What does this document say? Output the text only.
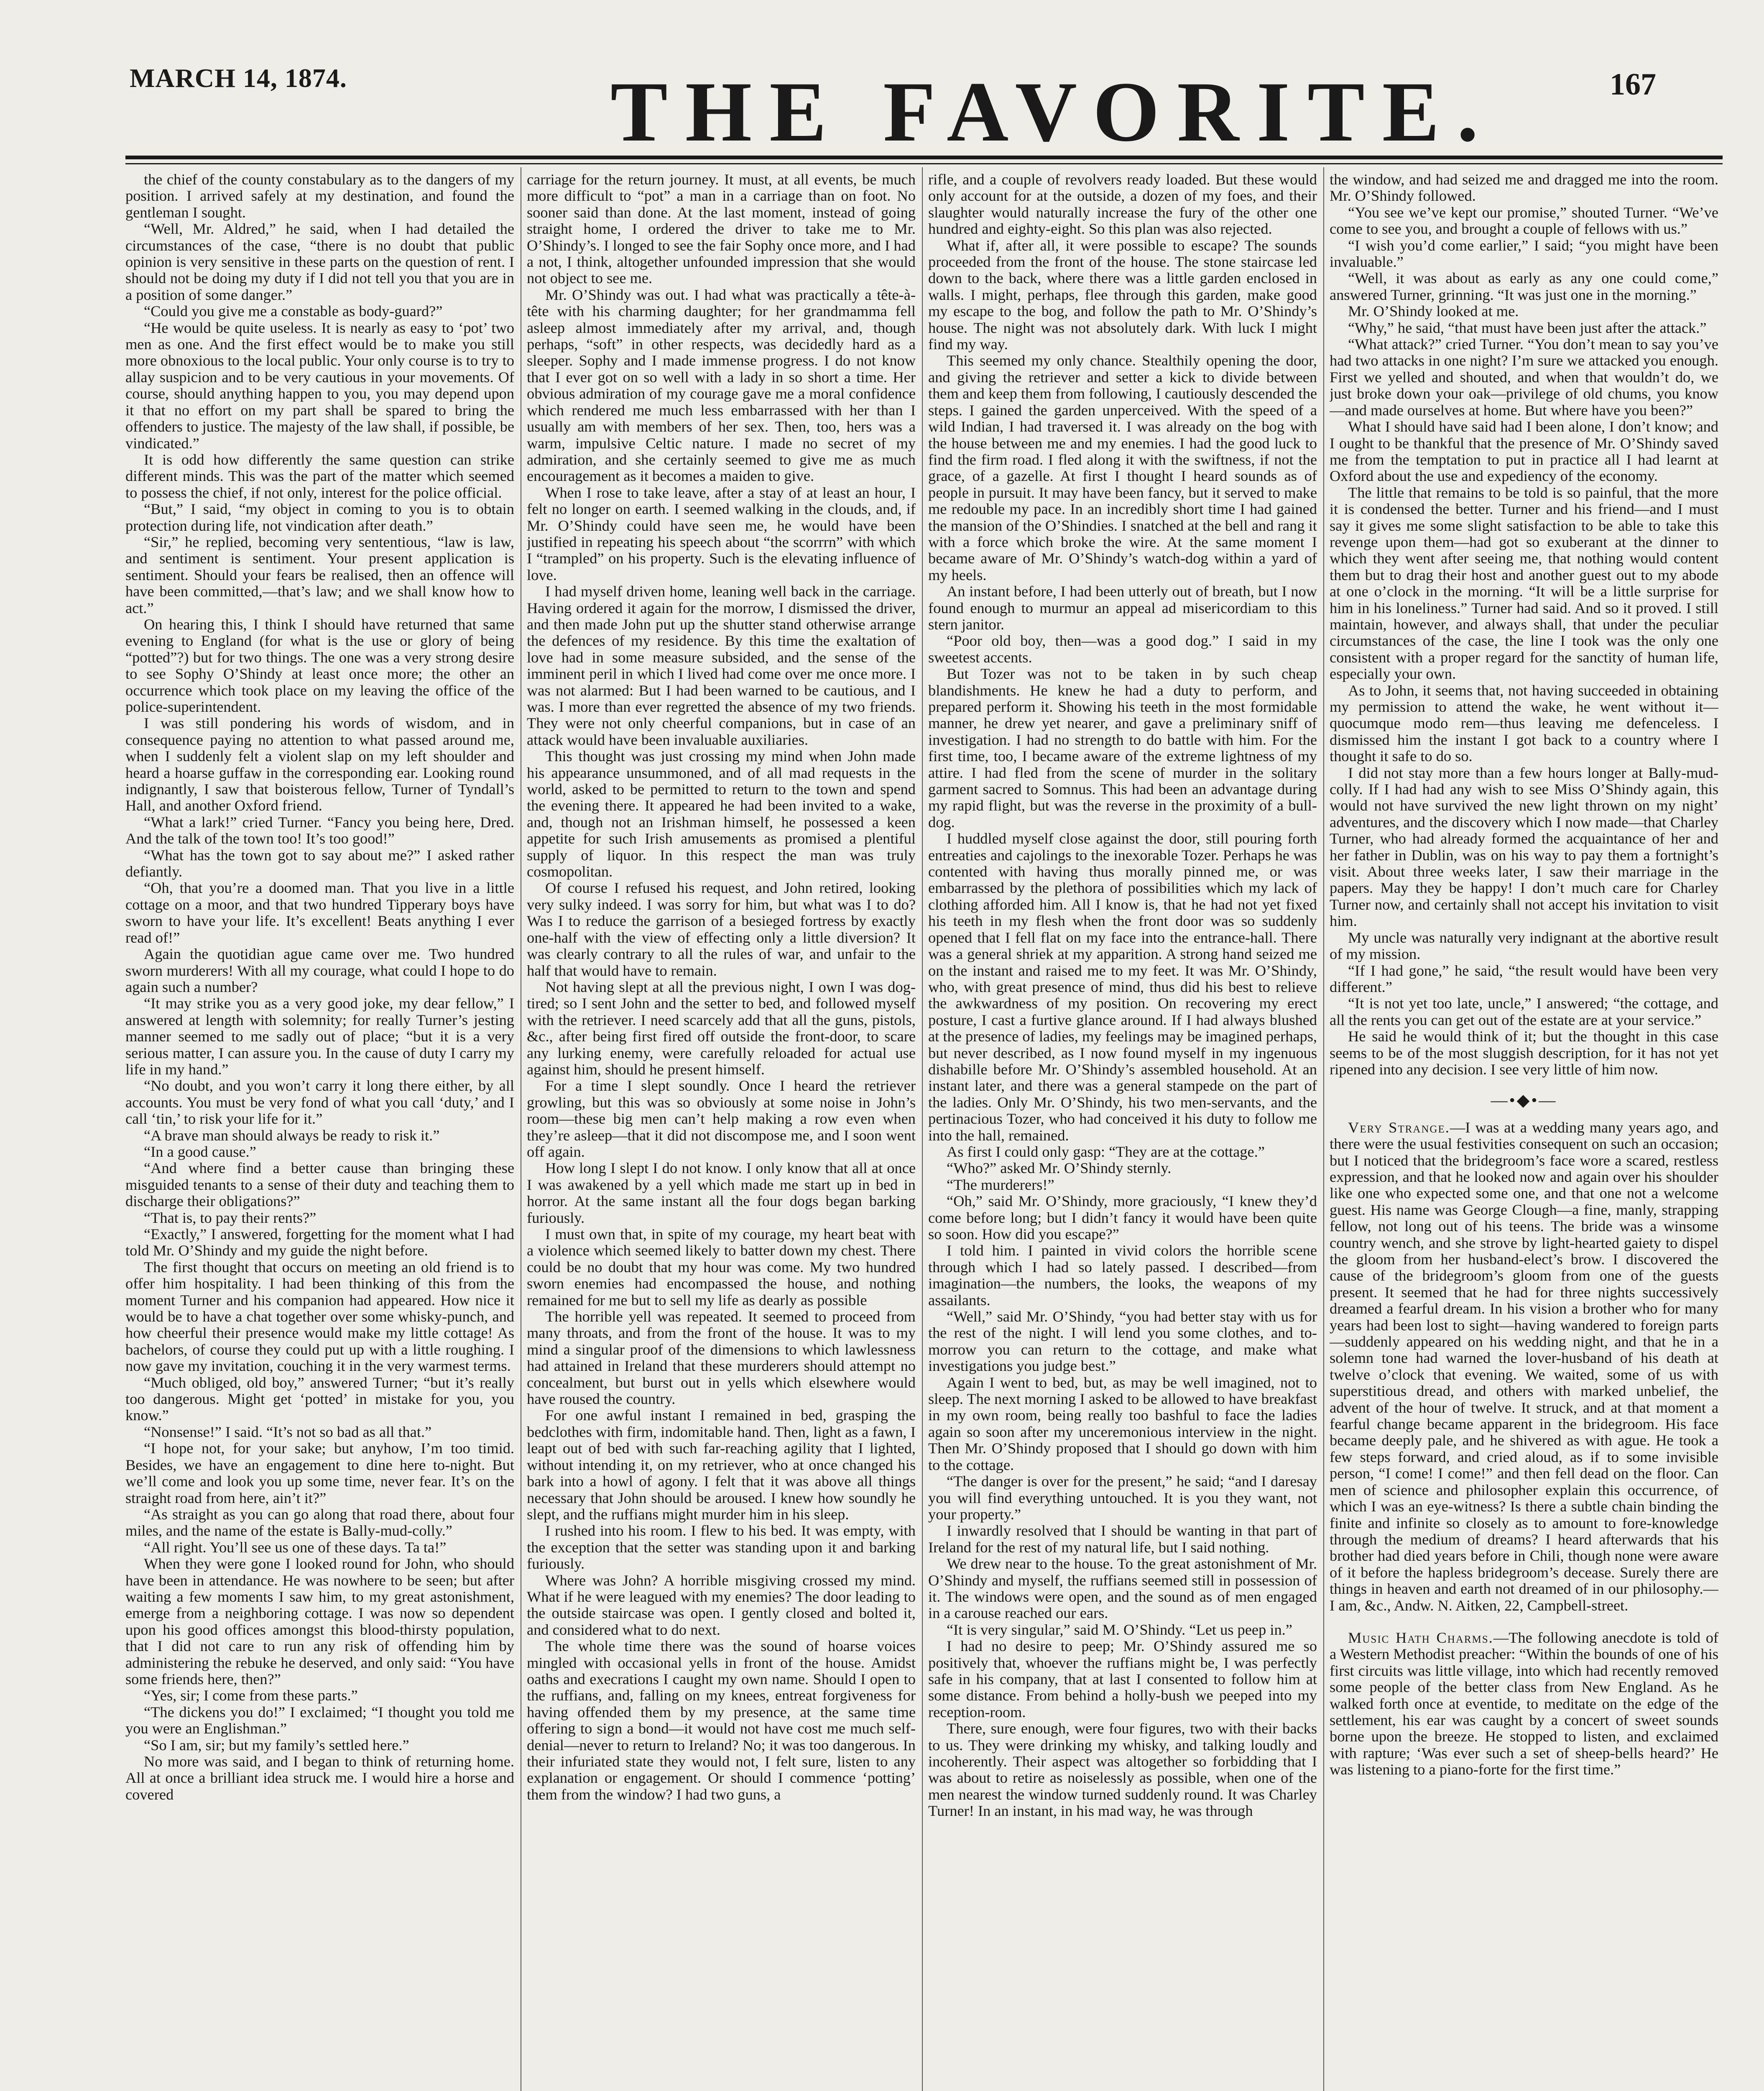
MARCH 14, 1874.	THE FAVORITE.	167

the chief of the county constabulary as to the dangers of my position. I arrived safely at my destination, and found the gentleman I sought.

“Well, Mr. Aldred,” he said, when I had detailed the circumstances of the case, “there is no doubt that public opinion is very sensitive in these parts on the question of rent. I should not be doing my duty if I did not tell you that you are in a position of some danger.”

“Could you give me a constable as body-guard?”

“He would be quite useless. It is nearly as easy to ‘pot’ two men as one. And the first effect would be to make you still more obnoxious to the local public. Your only course is to try to allay suspicion and to be very cautious in your movements. Of course, should anything happen to you, you may depend upon it that no effort on my part shall be spared to bring the offenders to justice. The majesty of the law shall, if possible, be vindicated.”

It is odd how differently the same question can strike different minds. This was the part of the matter which seemed to possess the chief, if not only, interest for the police official.

“But,” I said, “my object in coming to you is to obtain protection during life, not vindication after death.”

“Sir,” he replied, becoming very sententious, “law is law, and sentiment is sentiment. Your present application is sentiment. Should your fears be realised, then an offence will have been committed,—that’s law; and we shall know how to act.”

On hearing this, I think I should have returned that same evening to England (for what is the use or glory of being “potted”?) but for two things. The one was a very strong desire to see Sophy O’Shindy at least once more; the other an occurrence which took place on my leaving the office of the police-superintendent.

I was still pondering his words of wisdom, and in consequence paying no attention to what passed around me, when I suddenly felt a violent slap on my left shoulder and heard a hoarse guffaw in the corresponding ear. Looking round indignantly, I saw that boisterous fellow, Turner of Tyndall’s Hall, and another Oxford friend.

“What a lark!” cried Turner. “Fancy you being here, Dred. And the talk of the town too! It’s too good!”

“What has the town got to say about me?” I asked rather defiantly.

“Oh, that you’re a doomed man. That you live in a little cottage on a moor, and that two hundred Tipperary boys have sworn to have your life. It’s excellent! Beats anything I ever read of!”

Again the quotidian ague came over me. Two hundred sworn murderers! With all my courage, what could I hope to do again such a number?

“It may strike you as a very good joke, my dear fellow,” I answered at length with solemnity; for really Turner’s jesting manner seemed to me sadly out of place; “but it is a very serious matter, I can assure you. In the cause of duty I carry my life in my hand.”

“No doubt, and you won’t carry it long there either, by all accounts. You must be very fond of what you call ‘duty,’ and I call ‘tin,’ to risk your life for it.”

“A brave man should always be ready to risk it.”

“In a good cause.”

“And where find a better cause than bringing these misguided tenants to a sense of their duty and teaching them to discharge their obligations?”

“That is, to pay their rents?”

“Exactly,” I answered, forgetting for the moment what I had told Mr. O’Shindy and my guide the night before.

The first thought that occurs on meeting an old friend is to offer him hospitality. I had been thinking of this from the moment Turner and his companion had appeared. How nice it would be to have a chat together over some whisky-punch, and how cheerful their presence would make my little cottage! As bachelors, of course they could put up with a little roughing. I now gave my invitation, couching it in the very warmest terms.

“Much obliged, old boy,” answered Turner; “but it’s really too dangerous. Might get ‘potted’ in mistake for you, you know.”

“Nonsense!” I said. “It’s not so bad as all that.”

“I hope not, for your sake; but anyhow, I’m too timid. Besides, we have an engagement to dine here to-night. But we’ll come and look you up some time, never fear. It’s on the straight road from here, ain’t it?”

“As straight as you can go along that road there, about four miles, and the name of the estate is Bally-mud-colly.”

“All right. You’ll see us one of these days. Ta ta!”

When they were gone I looked round for John, who should have been in attendance. He was nowhere to be seen; but after waiting a few moments I saw him, to my great astonishment, emerge from a neighboring cottage. I was now so dependent upon his good offices amongst this blood-thirsty population, that I did not care to run any risk of offending him by administering the rebuke he deserved, and only said: “You have some friends here, then?”

“Yes, sir; I come from these parts.”

“The dickens you do!” I exclaimed; “I thought you told me you were an Englishman.”

“So I am, sir; but my family’s settled here.”

No more was said, and I began to think of returning home. All at once a brilliant idea struck me. I would hire a horse and covered

carriage for the return journey. It must, at all events, be much more difficult to “pot” a man in a carriage than on foot. No sooner said than done. At the last moment, instead of going straight home, I ordered the driver to take me to Mr. O’Shindy’s. I longed to see the fair Sophy once more, and I had a not, I think, altogether unfounded impression that she would not object to see me.

Mr. O’Shindy was out. I had what was practically a tête-à-tête with his charming daughter; for her grandmamma fell asleep almost immediately after my arrival, and, though perhaps, “soft” in other respects, was decidedly hard as a sleeper. Sophy and I made immense progress. I do not know that I ever got on so well with a lady in so short a time. Her obvious admiration of my courage gave me a moral confidence which rendered me much less embarrassed with her than I usually am with members of her sex. Then, too, hers was a warm, impulsive Celtic nature. I made no secret of my admiration, and she certainly seemed to give me as much encouragement as it becomes a maiden to give.

When I rose to take leave, after a stay of at least an hour, I felt no longer on earth. I seemed walking in the clouds, and, if Mr. O’Shindy could have seen me, he would have been justified in repeating his speech about “the scorrrn” with which I “trampled” on his property. Such is the elevating influence of love.

I had myself driven home, leaning well back in the carriage. Having ordered it again for the morrow, I dismissed the driver, and then made John put up the shutter stand otherwise arrange the defences of my residence. By this time the exaltation of love had in some measure subsided, and the sense of the imminent peril in which I lived had come over me once more. I was not alarmed: But I had been warned to be cautious, and I was. I more than ever regretted the absence of my two friends. They were not only cheerful companions, but in case of an attack would have been invaluable auxiliaries.

This thought was just crossing my mind when John made his appearance unsummoned, and of all mad requests in the world, asked to be permitted to return to the town and spend the evening there. It appeared he had been invited to a wake, and, though not an Irishman himself, he possessed a keen appetite for such Irish amusements as promised a plentiful supply of liquor. In this respect the man was truly cosmopolitan.

Of course I refused his request, and John retired, looking very sulky indeed. I was sorry for him, but what was I to do? Was I to reduce the garrison of a besieged fortress by exactly one-half with the view of effecting only a little diversion? It was clearly contrary to all the rules of war, and unfair to the half that would have to remain.

Not having slept at all the previous night, I own I was dog-tired; so I sent John and the setter to bed, and followed myself with the retriever. I need scarcely add that all the guns, pistols, &c., after being first fired off outside the front-door, to scare any lurking enemy, were carefully reloaded for actual use against him, should he present himself.

For a time I slept soundly. Once I heard the retriever growling, but this was so obviously at some noise in John’s room—these big men can’t help making a row even when they’re asleep—that it did not discompose me, and I soon went off again.

How long I slept I do not know. I only know that all at once I was awakened by a yell which made me start up in bed in horror. At the same instant all the four dogs began barking furiously.

I must own that, in spite of my courage, my heart beat with a violence which seemed likely to batter down my chest. There could be no doubt that my hour was come. My two hundred sworn enemies had encompassed the house, and nothing remained for me but to sell my life as dearly as possible

The horrible yell was repeated. It seemed to proceed from many throats, and from the front of the house. It was to my mind a singular proof of the dimensions to which lawlessness had attained in Ireland that these murderers should attempt no concealment, but burst out in yells which elsewhere would have roused the country.

For one awful instant I remained in bed, grasping the bedclothes with firm, indomitable hand. Then, light as a fawn, I leapt out of bed with such far-reaching agility that I lighted, without intending it, on my retriever, who at once changed his bark into a howl of agony. I felt that it was above all things necessary that John should be aroused. I knew how soundly he slept, and the ruffians might murder him in his sleep.

I rushed into his room. I flew to his bed. It was empty, with the exception that the setter was standing upon it and barking furiously.

Where was John? A horrible misgiving crossed my mind. What if he were leagued with my enemies? The door leading to the outside staircase was open. I gently closed and bolted it, and considered what to do next.

The whole time there was the sound of hoarse voices mingled with occasional yells in front of the house. Amidst oaths and execrations I caught my own name. Should I open to the ruffians, and, falling on my knees, entreat forgiveness for having offended them by my presence, at the same time offering to sign a bond—it would not have cost me much self-denial—never to return to Ireland? No; it was too dangerous. In their infuriated state they would not, I felt sure, listen to any explanation or engagement. Or should I commence ‘potting’ them from the window? I had two guns, a

rifle, and a couple of revolvers ready loaded. But these would only account for at the outside, a dozen of my foes, and their slaughter would naturally increase the fury of the other one hundred and eighty-eight. So this plan was also rejected.

What if, after all, it were possible to escape? The sounds proceeded from the front of the house. The stone staircase led down to the back, where there was a little garden enclosed in walls. I might, perhaps, flee through this garden, make good my escape to the bog, and follow the path to Mr. O’Shindy’s house. The night was not absolutely dark. With luck I might find my way.

This seemed my only chance. Stealthily opening the door, and giving the retriever and setter a kick to divide between them and keep them from following, I cautiously descended the steps. I gained the garden unperceived. With the speed of a wild Indian, I had traversed it. I was already on the bog with the house between me and my enemies. I had the good luck to find the firm road. I fled along it with the swiftness, if not the grace, of a gazelle. At first I thought I heard sounds as of people in pursuit. It may have been fancy, but it served to make me redouble my pace. In an incredibly short time I had gained the mansion of the O’Shindies. I snatched at the bell and rang it with a force which broke the wire. At the same moment I became aware of Mr. O’Shindy’s watch-dog within a yard of my heels.

An instant before, I had been utterly out of breath, but I now found enough to murmur an appeal ad misericordiam to this stern janitor.

“Poor old boy, then—was a good dog.” I said in my sweetest accents.

But Tozer was not to be taken in by such cheap blandishments. He knew he had a duty to perform, and prepared perform it. Showing his teeth in the most formidable manner, he drew yet nearer, and gave a preliminary sniff of investigation. I had no strength to do battle with him. For the first time, too, I became aware of the extreme lightness of my attire. I had fled from the scene of murder in the solitary garment sacred to Somnus. This had been an advantage during my rapid flight, but was the reverse in the proximity of a bull-dog.

I huddled myself close against the door, still pouring forth entreaties and cajolings to the inexorable Tozer. Perhaps he was contented with having thus morally pinned me, or was embarrassed by the plethora of possibilities which my lack of clothing afforded him. All I know is, that he had not yet fixed his teeth in my flesh when the front door was so suddenly opened that I fell flat on my face into the entrance-hall. There was a general shriek at my apparition. A strong hand seized me on the instant and raised me to my feet. It was Mr. O’Shindy, who, with great presence of mind, thus did his best to relieve the awkwardness of my position. On recovering my erect posture, I cast a furtive glance around. If I had always blushed at the presence of ladies, my feelings may be imagined perhaps, but never described, as I now found myself in my ingenuous dishabille before Mr. O’Shindy’s assembled household. At an instant later, and there was a general stampede on the part of the ladies. Only Mr. O’Shindy, his two men-servants, and the pertinacious Tozer, who had conceived it his duty to follow me into the hall, remained.

As first I could only gasp: “They are at the cottage.”

“Who?” asked Mr. O’Shindy sternly.

“The murderers!”

“Oh,” said Mr. O’Shindy, more graciously, “I knew they’d come before long; but I didn’t fancy it would have been quite so soon. How did you escape?”

I told him. I painted in vivid colors the horrible scene through which I had so lately passed. I described—from imagination—the numbers, the looks, the weapons of my assailants.

“Well,” said Mr. O’Shindy, “you had better stay with us for the rest of the night. I will lend you some clothes, and to-morrow you can return to the cottage, and make what investigations you judge best.”

Again I went to bed, but, as may be well imagined, not to sleep. The next morning I asked to be allowed to have breakfast in my own room, being really too bashful to face the ladies again so soon after my unceremonious interview in the night. Then Mr. O’Shindy proposed that I should go down with him to the cottage.

“The danger is over for the present,” he said; “and I daresay you will find everything untouched. It is you they want, not your property.”

I inwardly resolved that I should be wanting in that part of Ireland for the rest of my natural life, but I said nothing.

We drew near to the house. To the great astonishment of Mr. O’Shindy and myself, the ruffians seemed still in possession of it. The windows were open, and the sound as of men engaged in a carouse reached our ears.

“It is very singular,” said M. O’Shindy. “Let us peep in.”

I had no desire to peep; Mr. O’Shindy assured me so positively that, whoever the ruffians might be, I was perfectly safe in his company, that at last I consented to follow him at some distance. From behind a holly-bush we peeped into my reception-room.

There, sure enough, were four figures, two with their backs to us. They were drinking my whisky, and talking loudly and incoherently. Their aspect was altogether so forbidding that I was about to retire as noiselessly as possible, when one of the men nearest the window turned suddenly round. It was Charley Turner! In an instant, in his mad way, he was through

the window, and had seized me and dragged me into the room. Mr. O’Shindy followed.

“You see we’ve kept our promise,” shouted Turner. “We’ve come to see you, and brought a couple of fellows with us.”

“I wish you’d come earlier,” I said; “you might have been invaluable.”

“Well, it was about as early as any one could come,” answered Turner, grinning. “It was just one in the morning.”

Mr. O’Shindy looked at me.

“Why,” he said, “that must have been just after the attack.”

“What attack?” cried Turner. “You don’t mean to say you’ve had two attacks in one night? I’m sure we attacked you enough. First we yelled and shouted, and when that wouldn’t do, we just broke down your oak—privilege of old chums, you know—and made ourselves at home. But where have you been?”

What I should have said had I been alone, I don’t know; and I ought to be thankful that the presence of Mr. O’Shindy saved me from the temptation to put in practice all I had learnt at Oxford about the use and expediency of the economy.

The little that remains to be told is so painful, that the more it is condensed the better. Turner and his friend—and I must say it gives me some slight satisfaction to be able to take this revenge upon them—had got so exuberant at the dinner to which they went after seeing me, that nothing would content them but to drag their host and another guest out to my abode at one o’clock in the morning. “It will be a little surprise for him in his loneliness.” Turner had said. And so it proved. I still maintain, however, and always shall, that under the peculiar circumstances of the case, the line I took was the only one consistent with a proper regard for the sanctity of human life, especially your own.

As to John, it seems that, not having succeeded in obtaining my permission to attend the wake, he went without it—quocumque modo rem—thus leaving me defenceless. I dismissed him the instant I got back to a country where I thought it safe to do so.

I did not stay more than a few hours longer at Bally-mud-colly. If I had had any wish to see Miss O’Shindy again, this would not have survived the new light thrown on my night’ adventures, and the discovery which I now made—that Charley Turner, who had already formed the acquaintance of her and her father in Dublin, was on his way to pay them a fortnight’s visit. About three weeks later, I saw their marriage in the papers. May they be happy! I don’t much care for Charley Turner now, and certainly shall not accept his invitation to visit him.

My uncle was naturally very indignant at the abortive result of my mission.

“If I had gone,” he said, “the result would have been very different.”

“It is not yet too late, uncle,” I answered; “the cottage, and all the rents you can get out of the estate are at your service.”

He said he would think of it; but the thought in this case seems to be of the most sluggish description, for it has not yet ripened into any decision. I see very little of him now.

—•◆•—

Very Strange.—I was at a wedding many years ago, and there were the usual festivities consequent on such an occasion; but I noticed that the bridegroom’s face wore a scared, restless expression, and that he looked now and again over his shoulder like one who expected some one, and that one not a welcome guest. His name was George Clough—a fine, manly, strapping fellow, not long out of his teens. The bride was a winsome country wench, and she strove by light-hearted gaiety to dispel the gloom from her husband-elect’s brow. I discovered the cause of the bridegroom’s gloom from one of the guests present. It seemed that he had for three nights successively dreamed a fearful dream. In his vision a brother who for many years had been lost to sight—having wandered to foreign parts—suddenly appeared on his wedding night, and that he in a solemn tone had warned the lover-husband of his death at twelve o’clock that evening. We waited, some of us with superstitious dread, and others with marked unbelief, the advent of the hour of twelve. It struck, and at that moment a fearful change became apparent in the bridegroom. His face became deeply pale, and he shivered as with ague. He took a few steps forward, and cried aloud, as if to some invisible person, “I come! I come!” and then fell dead on the floor. Can men of science and philosopher explain this occurrence, of which I was an eye-witness? Is there a subtle chain binding the finite and infinite so closely as to amount to fore-knowledge through the medium of dreams? I heard afterwards that his brother had died years before in Chili, though none were aware of it before the hapless bridegroom’s decease. Surely there are things in heaven and earth not dreamed of in our philosophy.—I am, &c., Andw. N. Aitken, 22, Campbell-street.

Music Hath Charms.—The following anecdote is told of a Western Methodist preacher: “Within the bounds of one of his first circuits was little village, into which had recently removed some people of the better class from New England. As he walked forth once at eventide, to meditate on the edge of the settlement, his ear was caught by a concert of sweet sounds borne upon the breeze. He stopped to listen, and exclaimed with rapture; ‘Was ever such a set of sheep-bells heard?’ He was listening to a piano-forte for the first time.”
